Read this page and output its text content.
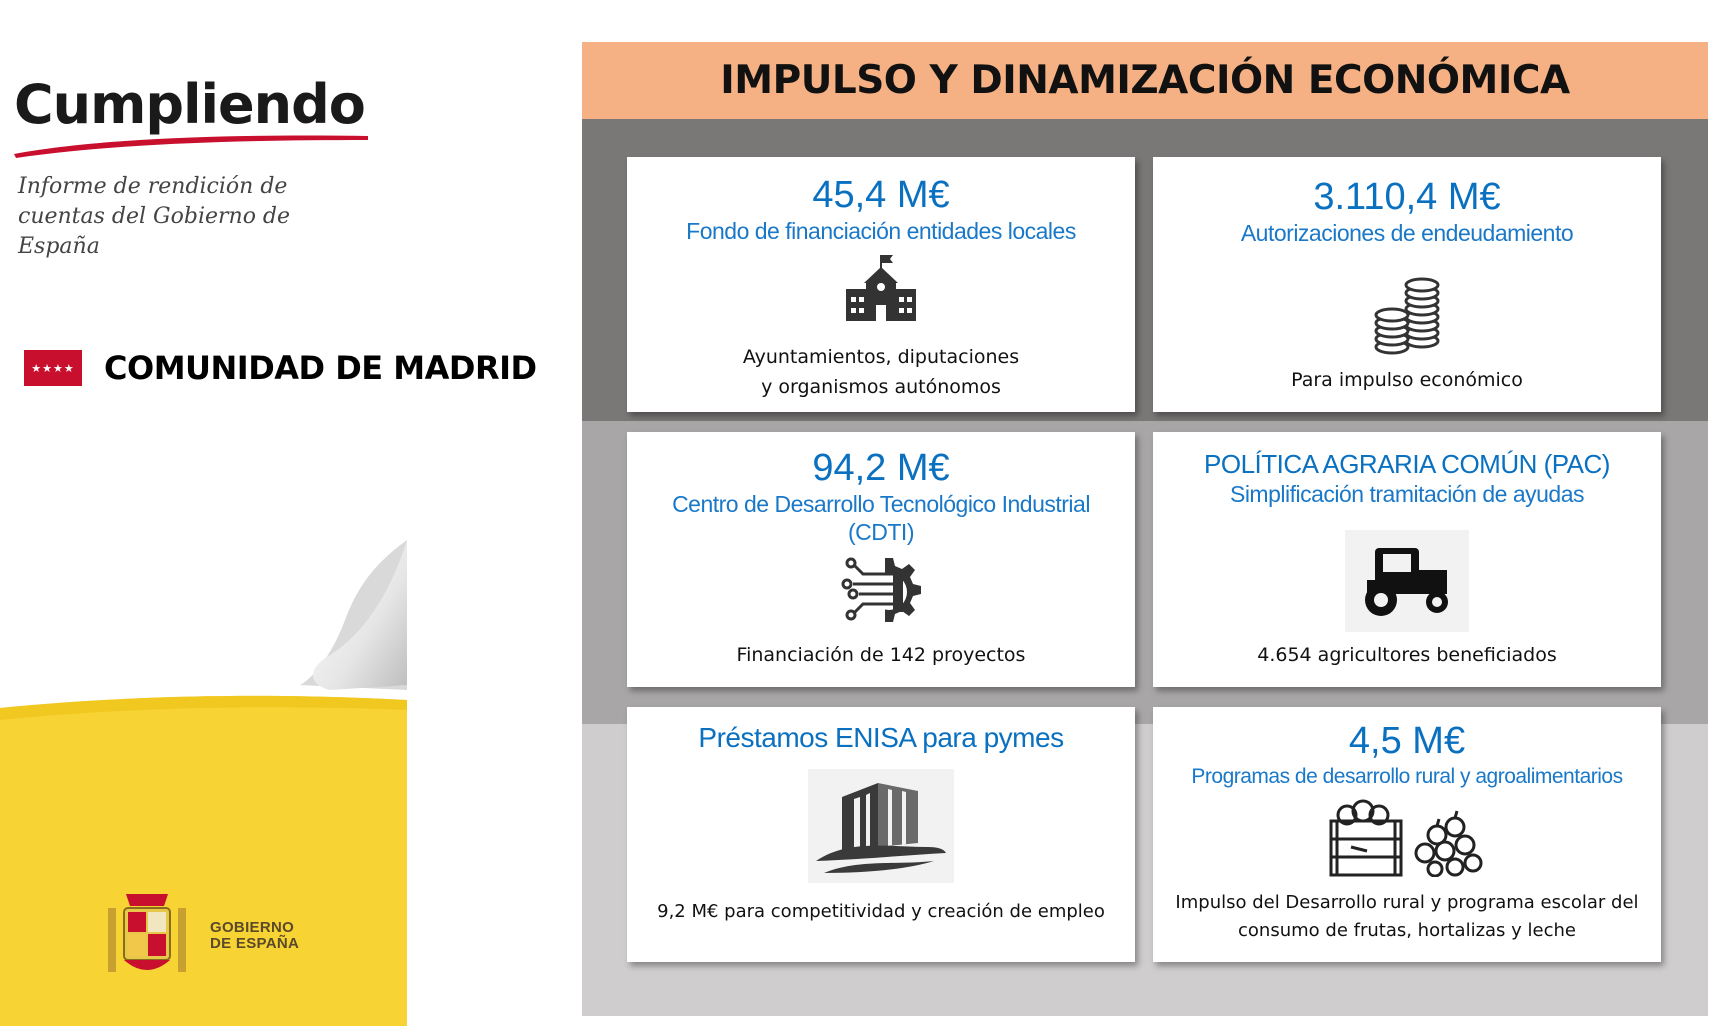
Cumpliendo
Informe de rendición de
cuentas del Gobierno de España
★★★★ COMUNIDAD DE MADRID
GOBIERNO
DE ESPAÑA
IMPULSO Y DINAMIZACIÓN ECONÓMICA
45,4 M€
Fondo de financiación entidades locales
Ayuntamientos, diputaciones
y organismos autónomos
3.110,4 M€
Autorizaciones de endeudamiento
Para impulso económico
94,2 M€
Centro de Desarrollo Tecnológico Industrial
(CDTI)
Financiación de 142 proyectos
POLÍTICA AGRARIA COMÚN (PAC)
Simplificación tramitación de ayudas
4.654 agricultores beneficiados
Préstamos ENISA para pymes
9,2 M€ para competitividad y creación de empleo
4,5 M€
Programas de desarrollo rural y agroalimentarios
Impulso del Desarrollo rural y programa escolar del
consumo de frutas, hortalizas y leche
